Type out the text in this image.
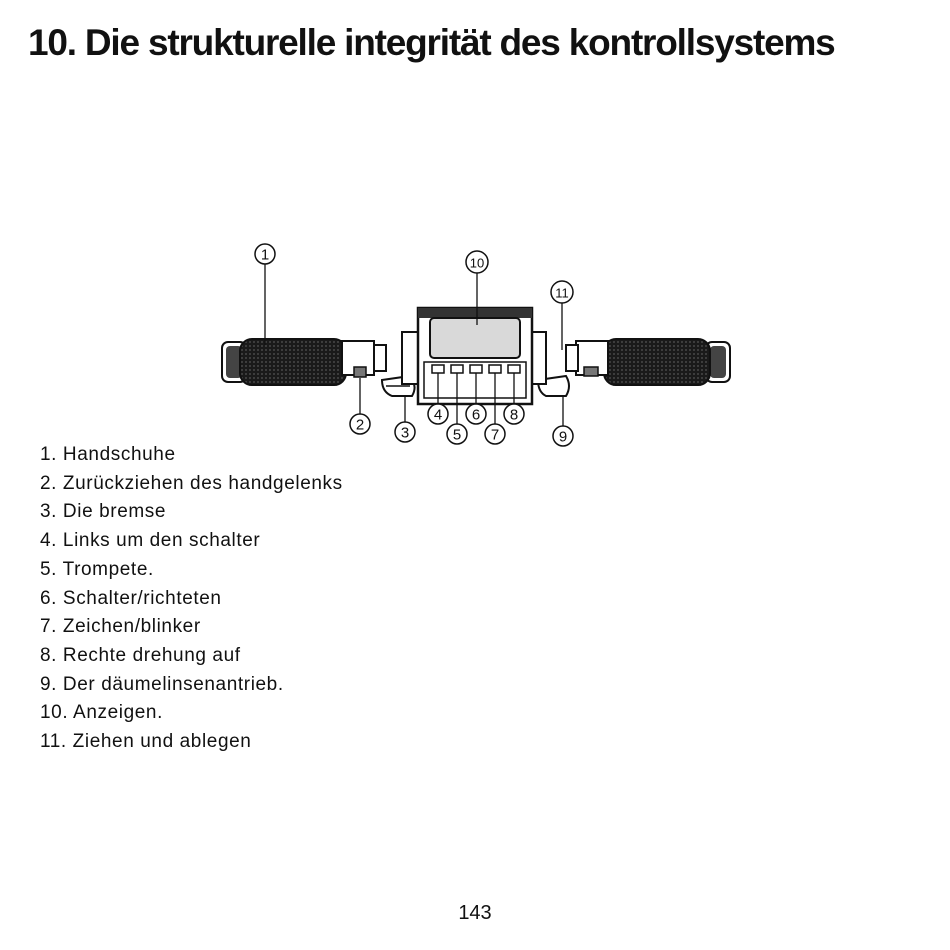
10. Die strukturelle integrität des kontrollsystems
1
2 3
4
5
6
7
8
9
10
11
1. Handschuhe
2. Zurückziehen des handgelenks
3. Die bremse
4. Links um den schalter
5. Trompete.
6. Schalter/richteten
7. Zeichen/blinker
8. Rechte drehung auf
9. Der däumelinsenantrieb.
10. Anzeigen.
11. Ziehen und ablegen
143
